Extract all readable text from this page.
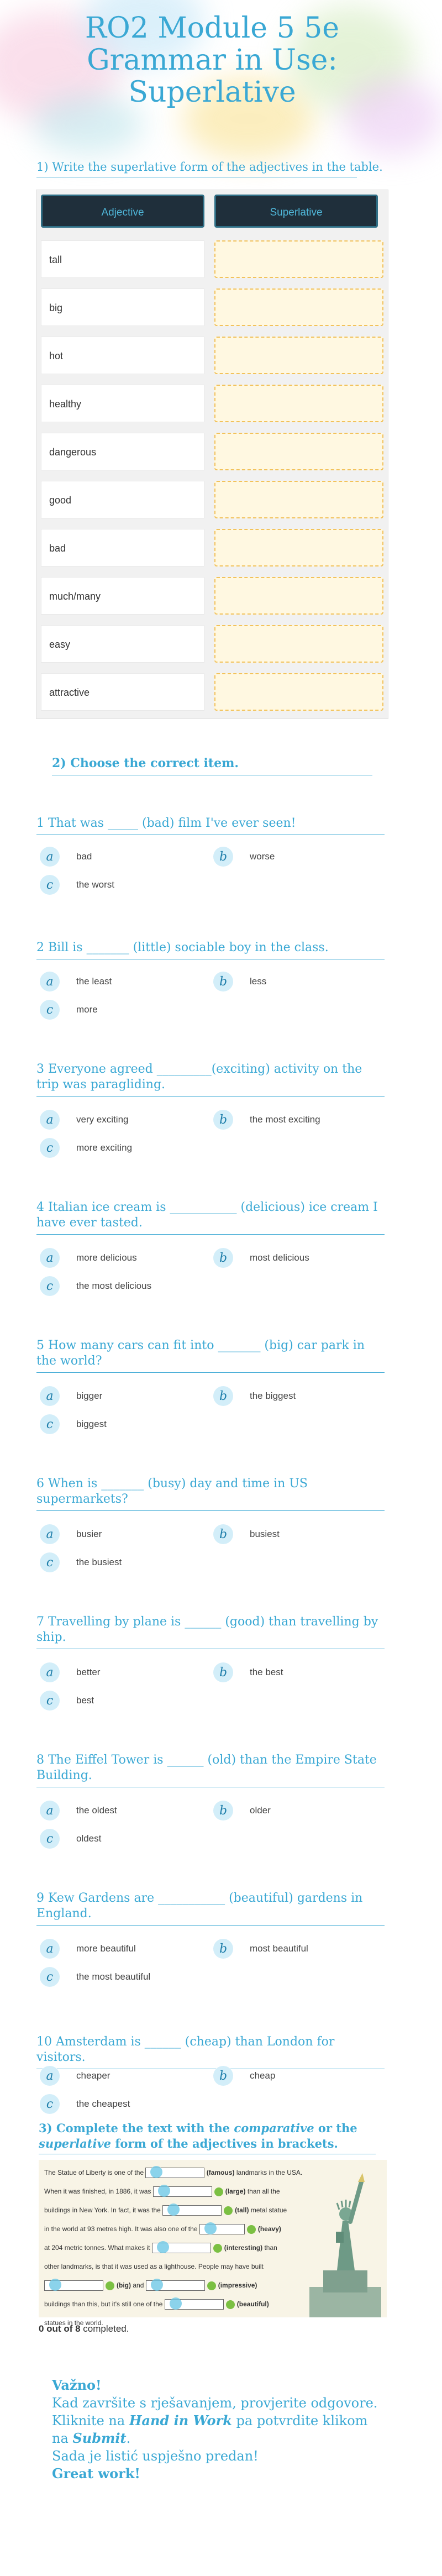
RO2 Module 5 5e Grammar in Use: Superlative
1) Write the superlative form of the adjectives in the table.
Adjective	Superlative
tall
big
hot
healthy
dangerous
good
bad
much/many
easy
attractive
2) Choose the correct item.
1 That was _____ (bad) film I've ever seen!
a	bad	b	worse
c	the worst
2 Bill is _______ (little) sociable boy in the class.
a	the least	b	less
c	more
3 Everyone agreed _________(exciting) activity on the trip was paragliding.
a	very exciting	b	the most exciting
c	more exciting
4 Italian ice cream is ___________ (delicious) ice cream I have ever tasted.
a	more delicious	b	most delicious
c	the most delicious
5 How many cars can fit into _______ (big) car park in the world?
a	bigger	b	the biggest
c	biggest
6 When is _______ (busy) day and time in US supermarkets?
a	busier	b	busiest
c	the busiest
7 Travelling by plane is ______ (good) than travelling by ship.
a	better	b	the best
c	best
8 The Eiffel Tower is ______ (old) than the Empire State Building.
a	the oldest	b	older
c	oldest
9 Kew Gardens are ___________ (beautiful) gardens in England.
a	more beautiful	b	most beautiful
c	the most beautiful
10 Amsterdam is ______ (cheap) than London for visitors.
a	cheaper	b	cheap
c	the cheapest
3) Complete the text with the comparative or the superlative form of the adjectives in brackets.
The Statue of Liberty is one of the	(famous) landmarks in the USA.
When it was finished, in 1886, it was	(large) than all the
buildings in New York. In fact, it was the	(tall) metal statue
in the world at 93 metres high. It was also one of the	(heavy)
at 204 metric tonnes. What makes it	(interesting) than
other landmarks, is that it was used as a lighthouse. People may have built
(big) and	(impressive)
buildings than this, but it's still one of the	(beautiful)
statues in the world.
0 out of 8 completed.
Važno!
Kad završite s rješavanjem, provjerite odgovore.
Kliknite na Hand in Work pa potvrdite klikom
na Submit.
Sada je listić uspješno predan!
Great work!
